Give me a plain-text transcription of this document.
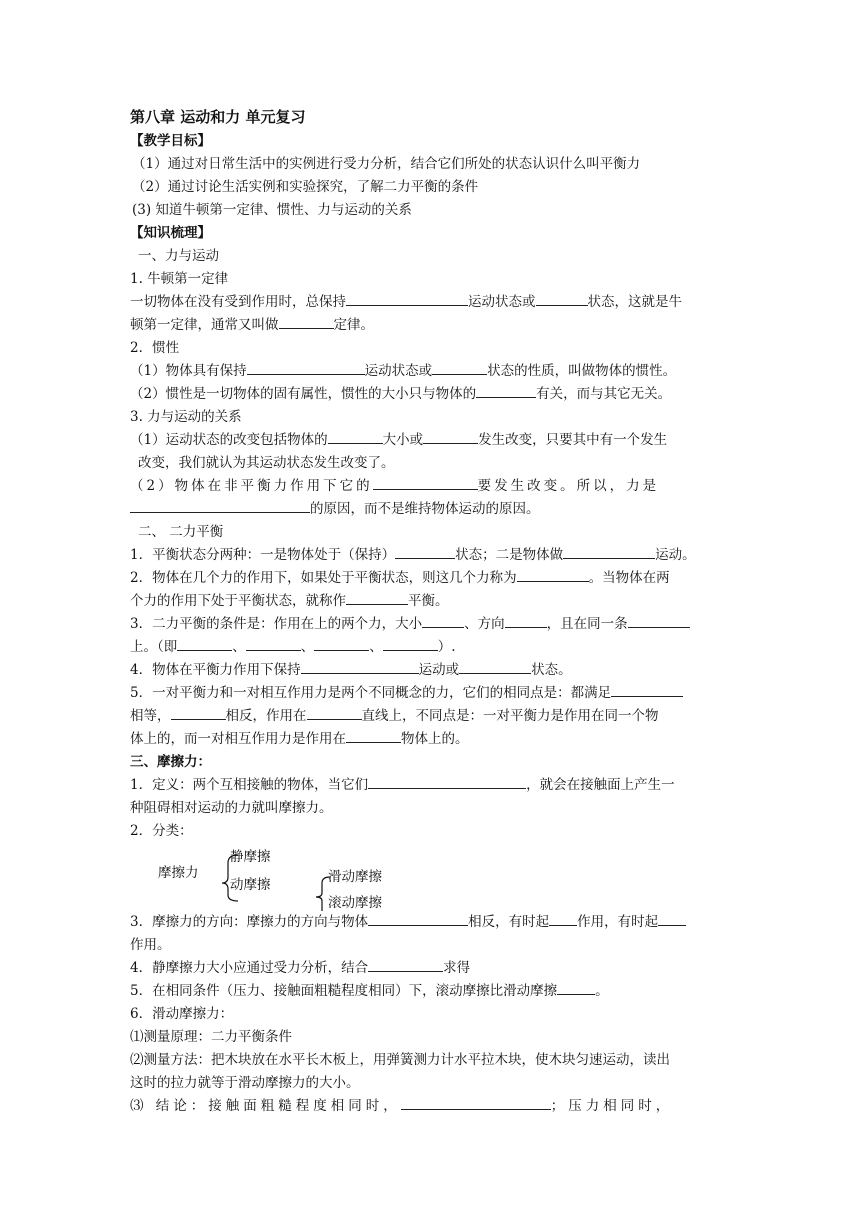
第八章 运动和力 单元复习
【教学目标】
（1）通过对日常生活中的实例进行受力分析，结合它们所处的状态认识什么叫平衡力
（2）通过讨论生活实例和实验探究，了解二力平衡的条件
(3) 知道牛顿第一定律、惯性、力与运动的关系
【知识梳理】
一、力与运动
1. 牛顿第一定律
一切物体在没有受到作用时，总保持	运动状态或	状态，这就是牛
顿第一定律，通常又叫做	定律。
2．惯性
（1）物体具有保持	运动状态或	状态的性质，叫做物体的惯性。
（2）惯性是一切物体的固有属性，惯性的大小只与物体的	有关，而与其它无关。
3. 力与运动的关系
（1）运动状态的改变包括物体的	大小或	发生改变，只要其中有一个发生
改变，我们就认为其运动状态发生改变了。
（2）物体在非平衡力作用下它的	要发生改变。所以，力是
的原因，而不是维持物体运动的原因。
二、 二力平衡
1．平衡状态分两种：一是物体处于（保持）	状态；二是物体做	运动。
2．物体在几个力的作用下，如果处于平衡状态，则这几个力称为	。当物体在两
个力的作用下处于平衡状态，就称作	平衡。
3．二力平衡的条件是：作用在上的两个力，大小	、方向	，且在同一条
上。（即	、	、	、	）.
4．物体在平衡力作用下保持	运动或	状态。
5．一对平衡力和一对相互作用力是两个不同概念的力，它们的相同点是：都满足
相等，	相反，作用在	直线上，不同点是：一对平衡力是作用在同一个物
体上的，而一对相互作用力是作用在	物体上的。
三、摩擦力：
1．定义：两个互相接触的物体，当它们	，就会在接触面上产生一
种阻碍相对运动的力就叫摩擦力。
2．分类：
摩擦力
静摩擦
动摩擦	滑动摩擦
滚动摩擦
3．摩擦力的方向：摩擦力的方向与物体	相反，有时起 作用，有时起
作用。
4．静摩擦力大小应通过受力分析，结合	求得
5．在相同条件（压力、接触面粗糙程度相同）下，滚动摩擦比滑动摩擦	。
6．滑动摩擦力：
⑴测量原理：二力平衡条件
⑵测量方法：把木块放在水平长木板上，用弹簧测力计水平拉木块，使木块匀速运动，读出
这时的拉力就等于滑动摩擦力的大小。
⑶ 结论：接触面粗糙程度相同时，	；压力相同时，
